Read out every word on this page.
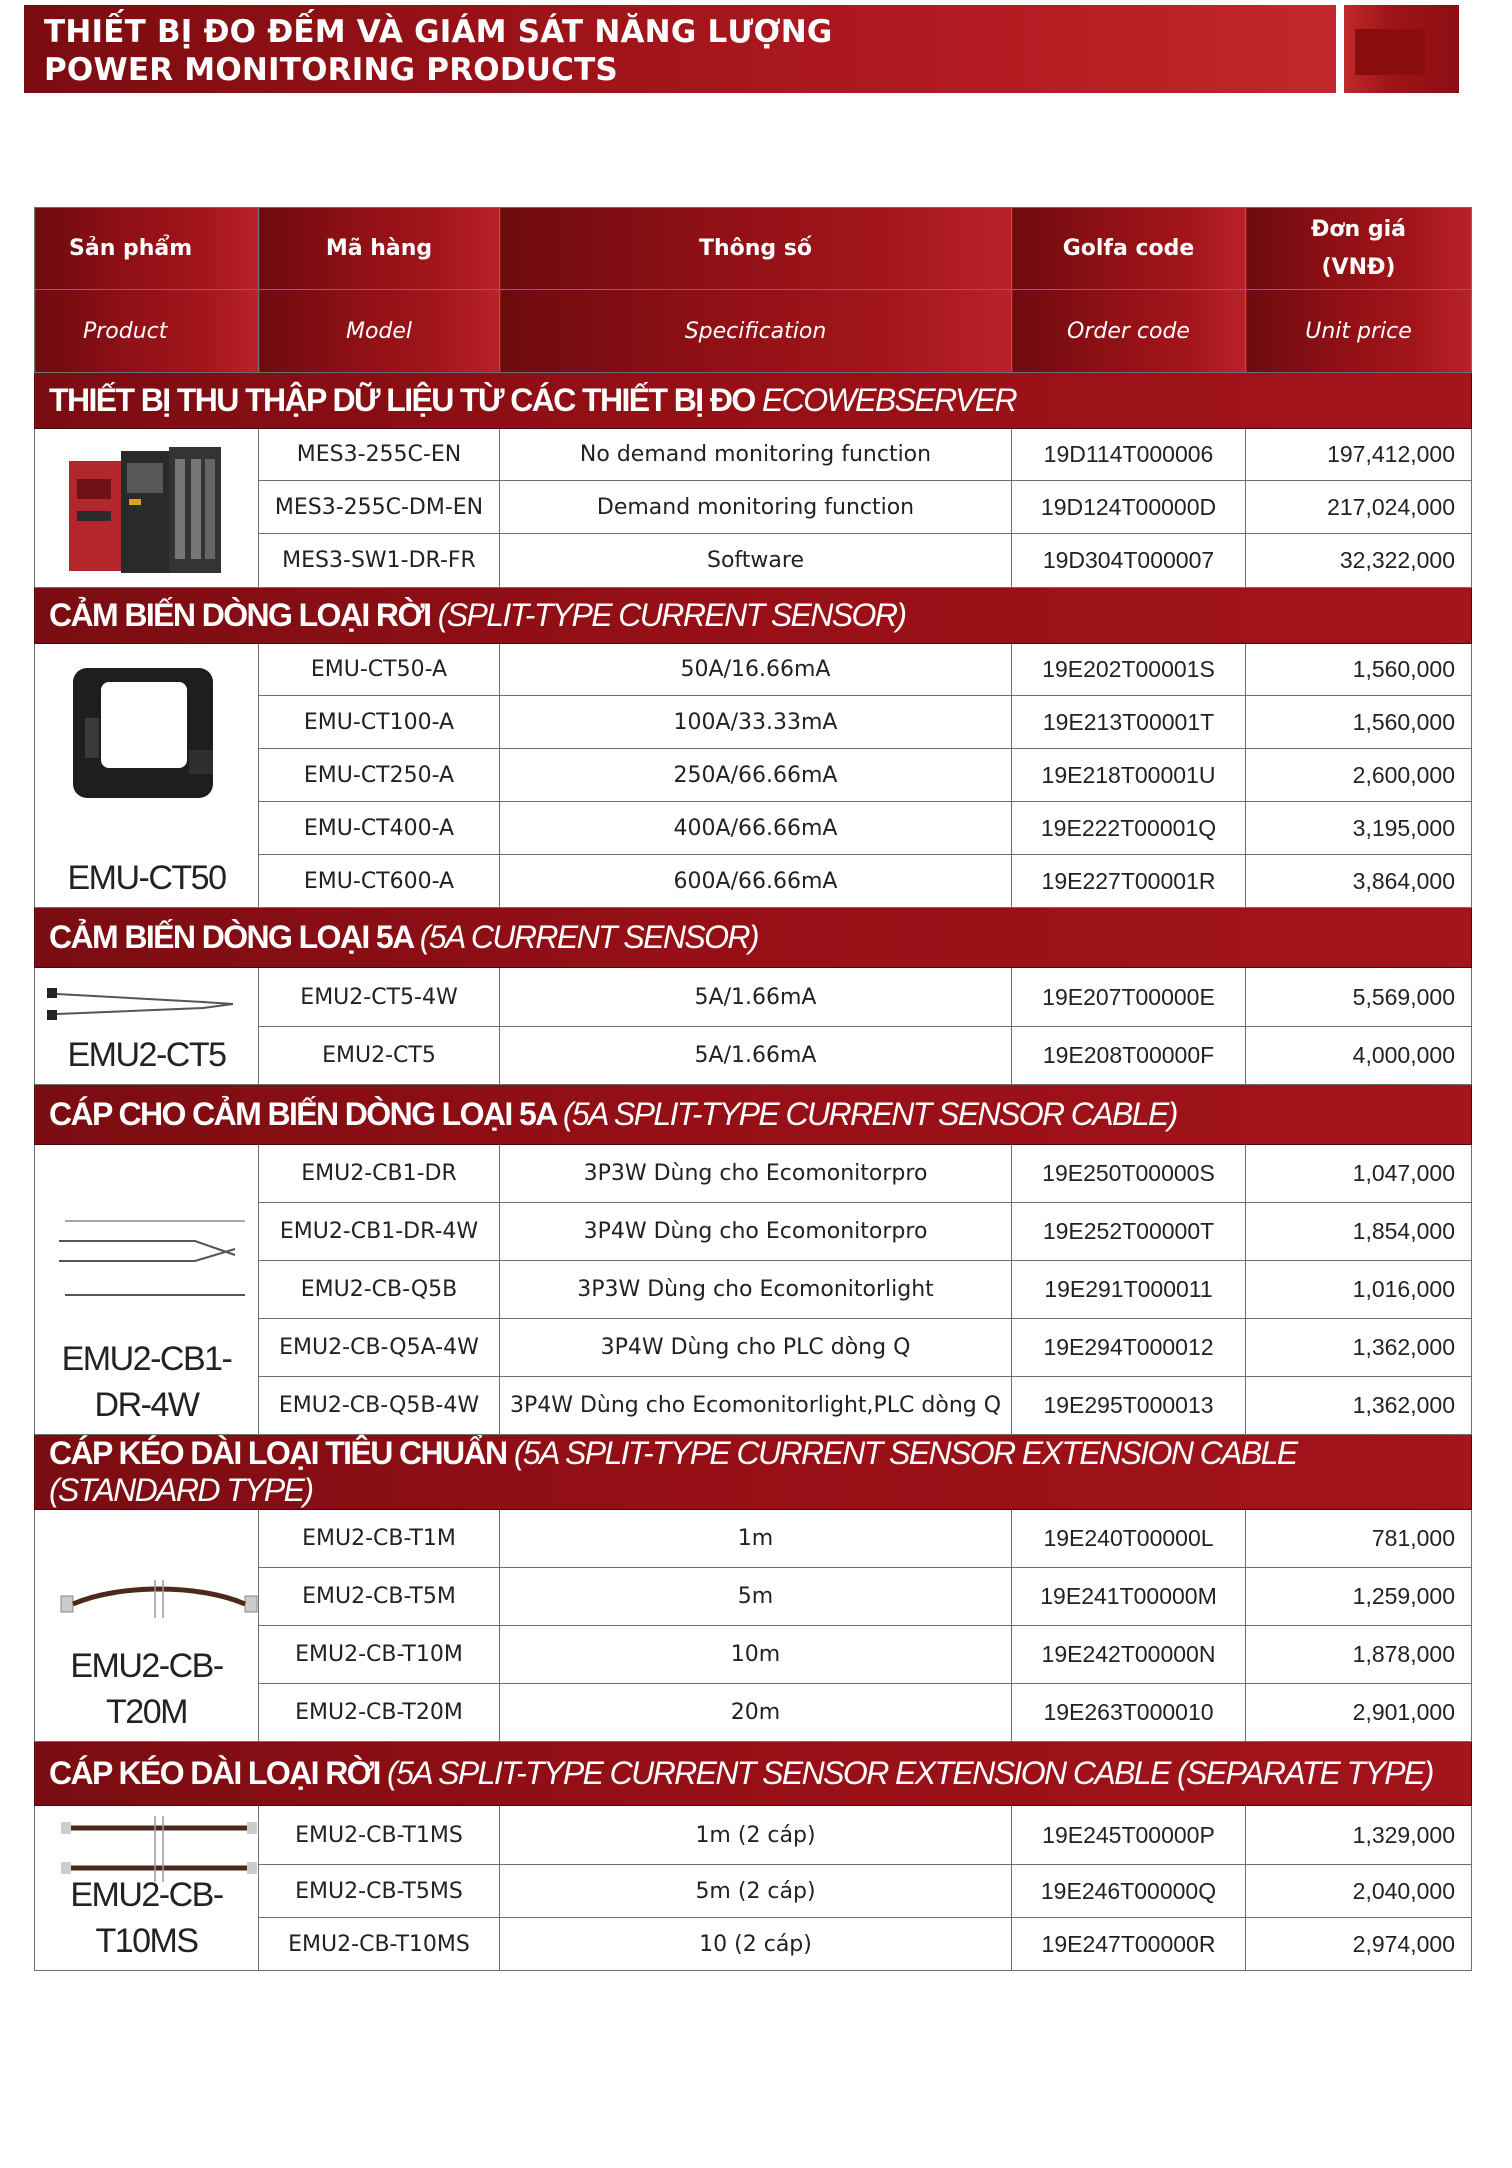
THIẾT BỊ ĐO ĐẾM VÀ GIÁM SÁT NĂNG LƯỢNG
POWER MONITORING PRODUCTS
Sản phẩm	Mã hàng	Thông số	Golfa code	Đơn giá
(VNĐ)

Product	Model	Specification	Order code	Unit price
THIẾT BỊ THU THẬP DỮ LIỆU TỪ CÁC THIẾT BỊ ĐO ECOWEBSERVER				

	MES3-255C-EN	No demand monitoring function	19D114T000006	197,412,000
	MES3-255C-DM-EN	Demand monitoring function	19D124T00000D	217,024,000
	MES3-SW1-DR-FR	Software	19D304T000007	32,322,000
CẢM BIẾN DÒNG LOẠI RỜI (SPLIT-TYPE CURRENT SENSOR)				

EMU-CT50	EMU-CT50-A	50A/16.66mA	19E202T00001S	1,560,000
	EMU-CT100-A	100A/33.33mA	19E213T00001T	1,560,000
	EMU-CT250-A	250A/66.66mA	19E218T00001U	2,600,000
	EMU-CT400-A	400A/66.66mA	19E222T00001Q	3,195,000
	EMU-CT600-A	600A/66.66mA	19E227T00001R	3,864,000
CẢM BIẾN DÒNG LOẠI 5A (5A CURRENT SENSOR)				

EMU2-CT5	EMU2-CT5-4W	5A/1.66mA	19E207T00000E	5,569,000
	EMU2-CT5	5A/1.66mA	19E208T00000F	4,000,000
CÁP CHO CẢM BIẾN DÒNG LOẠI 5A (5A SPLIT-TYPE CURRENT SENSOR CABLE)				

EMU2-CB1-
DR-4W	EMU2-CB1-DR	3P3W Dùng cho Ecomonitorpro	19E250T00000S	1,047,000
	EMU2-CB1-DR-4W	3P4W Dùng cho Ecomonitorpro	19E252T00000T	1,854,000
	EMU2-CB-Q5B	3P3W Dùng cho Ecomonitorlight	19E291T000011	1,016,000
	EMU2-CB-Q5A-4W	3P4W Dùng cho PLC dòng Q	19E294T000012	1,362,000
	EMU2-CB-Q5B-4W	3P4W Dùng cho Ecomonitorlight,PLC dòng Q	19E295T000013	1,362,000
CÁP KÉO DÀI LOẠI TIÊU CHUẨN (5A SPLIT-TYPE CURRENT SENSOR EXTENSION CABLE (STANDARD TYPE)				

EMU2-CB-
T20M	EMU2-CB-T1M	1m	19E240T00000L	781,000
	EMU2-CB-T5M	5m	19E241T00000M	1,259,000
	EMU2-CB-T10M	10m	19E242T00000N	1,878,000
	EMU2-CB-T20M	20m	19E263T000010	2,901,000
CÁP KÉO DÀI LOẠI RỜI (5A SPLIT-TYPE CURRENT SENSOR EXTENSION CABLE (SEPARATE TYPE)				

EMU2-CB-
T10MS	EMU2-CB-T1MS	1m (2 cáp)	19E245T00000P	1,329,000
	EMU2-CB-T5MS	5m (2 cáp)	19E246T00000Q	2,040,000
	EMU2-CB-T10MS	10 (2 cáp)	19E247T00000R	2,974,000
